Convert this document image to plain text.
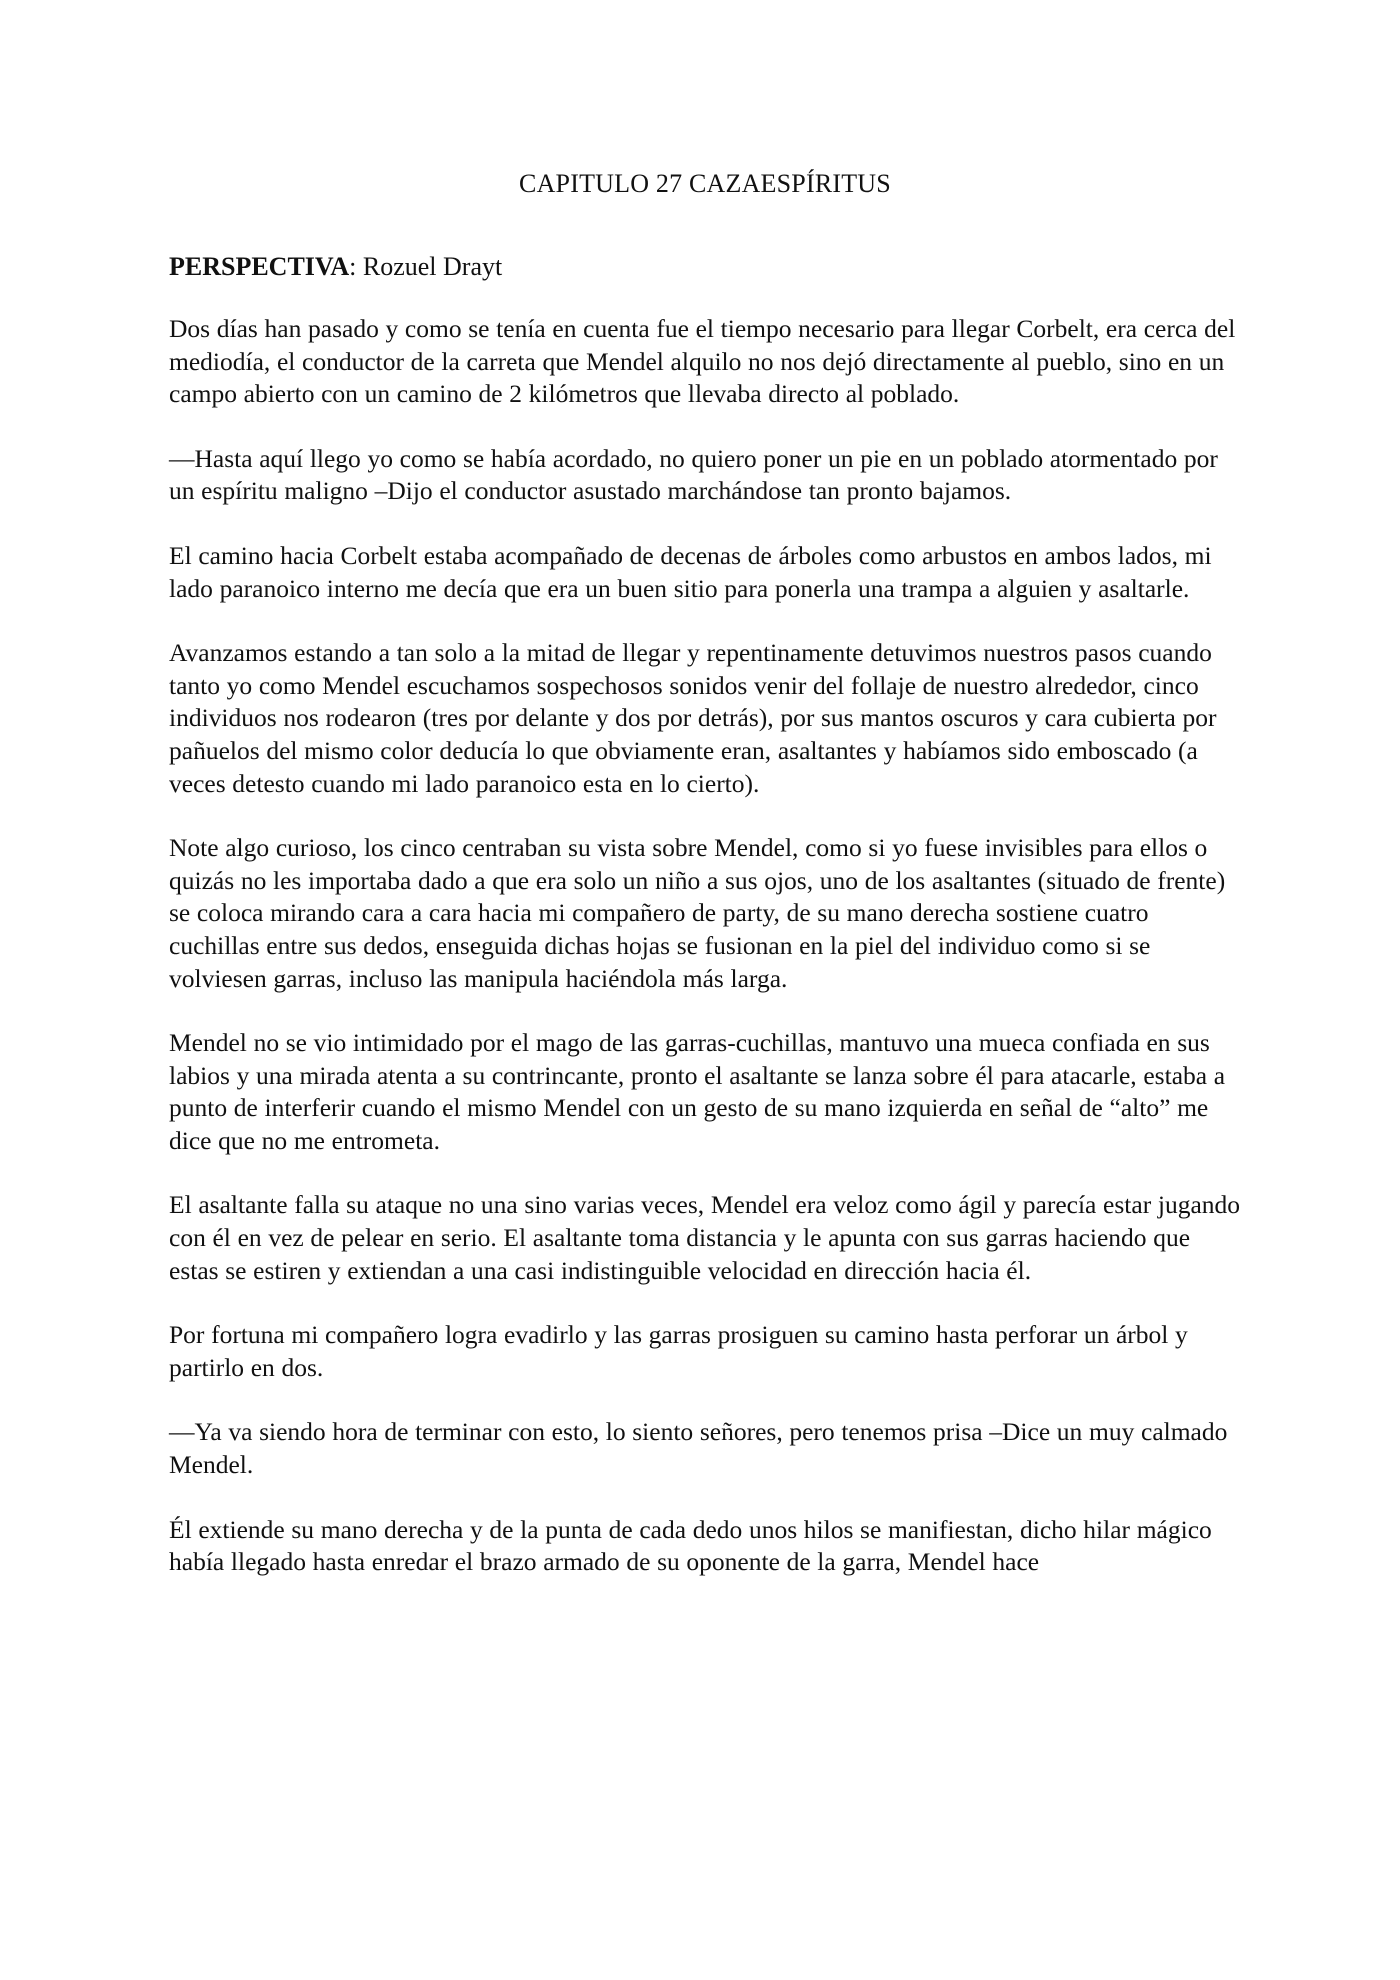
CAPITULO 27 CAZAESPÍRITUS

PERSPECTIVA: Rozuel Drayt

Dos días han pasado y como se tenía en cuenta fue el tiempo necesario para llegar Corbelt, era cerca del mediodía, el conductor de la carreta que Mendel alquilo no nos dejó directamente al pueblo, sino en un campo abierto con un camino de 2 kilómetros que llevaba directo al poblado.

—Hasta aquí llego yo como se había acordado, no quiero poner un pie en un poblado atormentado por un espíritu maligno –Dijo el conductor asustado marchándose tan pronto bajamos.

El camino hacia Corbelt estaba acompañado de decenas de árboles como arbustos en ambos lados, mi lado paranoico interno me decía que era un buen sitio para ponerla una trampa a alguien y asaltarle.

Avanzamos estando a tan solo a la mitad de llegar y repentinamente detuvimos nuestros pasos cuando tanto yo como Mendel escuchamos sospechosos sonidos venir del follaje de nuestro alrededor, cinco individuos nos rodearon (tres por delante y dos por detrás), por sus mantos oscuros y cara cubierta por pañuelos del mismo color deducía lo que obviamente eran, asaltantes y habíamos sido emboscado (a veces detesto cuando mi lado paranoico esta en lo cierto).

Note algo curioso, los cinco centraban su vista sobre Mendel, como si yo fuese invisibles para ellos o quizás no les importaba dado a que era solo un niño a sus ojos, uno de los asaltantes (situado de frente) se coloca mirando cara a cara hacia mi compañero de party, de su mano derecha sostiene cuatro cuchillas entre sus dedos, enseguida dichas hojas se fusionan en la piel del individuo como si se volviesen garras, incluso las manipula haciéndola más larga.

Mendel no se vio intimidado por el mago de las garras-cuchillas, mantuvo una mueca confiada en sus labios y una mirada atenta a su contrincante, pronto el asaltante se lanza sobre él para atacarle, estaba a punto de interferir cuando el mismo Mendel con un gesto de su mano izquierda en señal de “alto” me dice que no me entrometa.

El asaltante falla su ataque no una sino varias veces, Mendel era veloz como ágil y parecía estar jugando con él en vez de pelear en serio. El asaltante toma distancia y le apunta con sus garras haciendo que estas se estiren y extiendan a una casi indistinguible velocidad en dirección hacia él.

Por fortuna mi compañero logra evadirlo y las garras prosiguen su camino hasta perforar un árbol y partirlo en dos.

—Ya va siendo hora de terminar con esto, lo siento señores, pero tenemos prisa –Dice un muy calmado Mendel.

Él extiende su mano derecha y de la punta de cada dedo unos hilos se manifiestan, dicho hilar mágico había llegado hasta enredar el brazo armado de su oponente de la garra, Mendel hace
